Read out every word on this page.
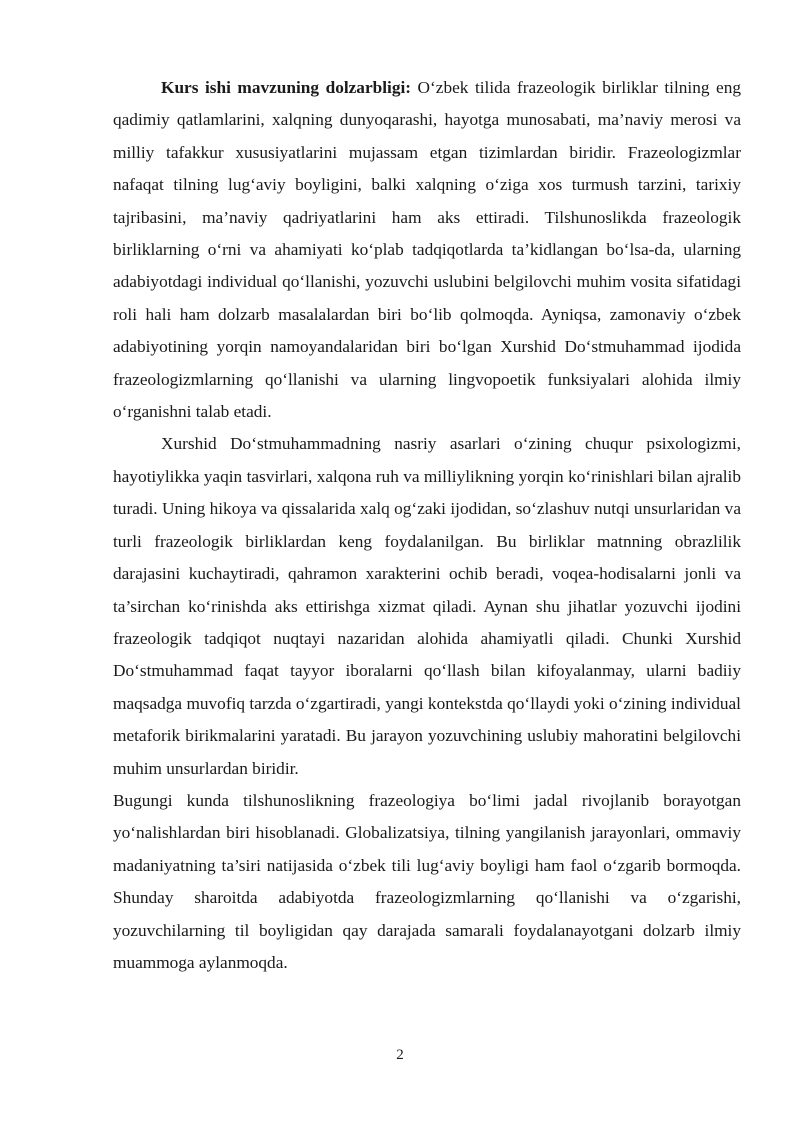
Kurs ishi mavzuning dolzarbligi: O‘zbek tilida frazeologik birliklar tilning eng qadimiy qatlamlarini, xalqning dunyoqarashi, hayotga munosabati, ma’naviy merosi va milliy tafakkur xususiyatlarini mujassam etgan tizimlardan biridir. Frazeologizmlar nafaqat tilning lug‘aviy boyligini, balki xalqning o‘ziga xos turmush tarzini, tarixiy tajribasini, ma’naviy qadriyatlarini ham aks ettiradi. Tilshunoslikda frazeologik birliklarning o‘rni va ahamiyati ko‘plab tadqiqotlarda ta’kidlangan bo‘lsa-da, ularning adabiyotdagi individual qo‘llanishi, yozuvchi uslubini belgilovchi muhim vosita sifatidagi roli hali ham dolzarb masalalardan biri bo‘lib qolmoqda. Ayniqsa, zamonaviy o‘zbek adabiyotining yorqin namoyandalaridan biri bo‘lgan Xurshid Do‘stmuhammad ijodida frazeologizmlarning qo‘llanishi va ularning lingvopoetik funksiyalari alohida ilmiy o‘rganishni talab etadi.

Xurshid Do‘stmuhammadning nasriy asarlari o‘zining chuqur psixologizmi, hayotiylikka yaqin tasvirlari, xalqona ruh va milliylikning yorqin ko‘rinishlari bilan ajralib turadi. Uning hikoya va qissalarida xalq og‘zaki ijodidan, so‘zlashuv nutqi unsurlaridan va turli frazeologik birliklardan keng foydalanilgan. Bu birliklar matnning obrazlilik darajasini kuchaytiradi, qahramon xarakterini ochib beradi, voqea-hodisalarni jonli va ta’sirchan ko‘rinishda aks ettirishga xizmat qiladi. Aynan shu jihatlar yozuvchi ijodini frazeologik tadqiqot nuqtayi nazaridan alohida ahamiyatli qiladi. Chunki Xurshid Do‘stmuhammad faqat tayyor iboralarni qo‘llash bilan kifoyalanmay, ularni badiiy maqsadga muvofiq tarzda o‘zgartiradi, yangi kontekstda qo‘llaydi yoki o‘zining individual metaforik birikmalarini yaratadi. Bu jarayon yozuvchining uslubiy mahoratini belgilovchi muhim unsurlardan biridir.

Bugungi kunda tilshunoslikning frazeologiya bo‘limi jadal rivojlanib borayotgan yo‘nalishlardan biri hisoblanadi. Globalizatsiya, tilning yangilanish jarayonlari, ommaviy madaniyatning ta’siri natijasida o‘zbek tili lug‘aviy boyligi ham faol o‘zgarib bormoqda. Shunday sharoitda adabiyotda frazeologizmlarning qo‘llanishi va o‘zgarishi, yozuvchilarning til boyligidan qay darajada samarali foydalanayotgani dolzarb ilmiy muammoga aylanmoqda.

2
